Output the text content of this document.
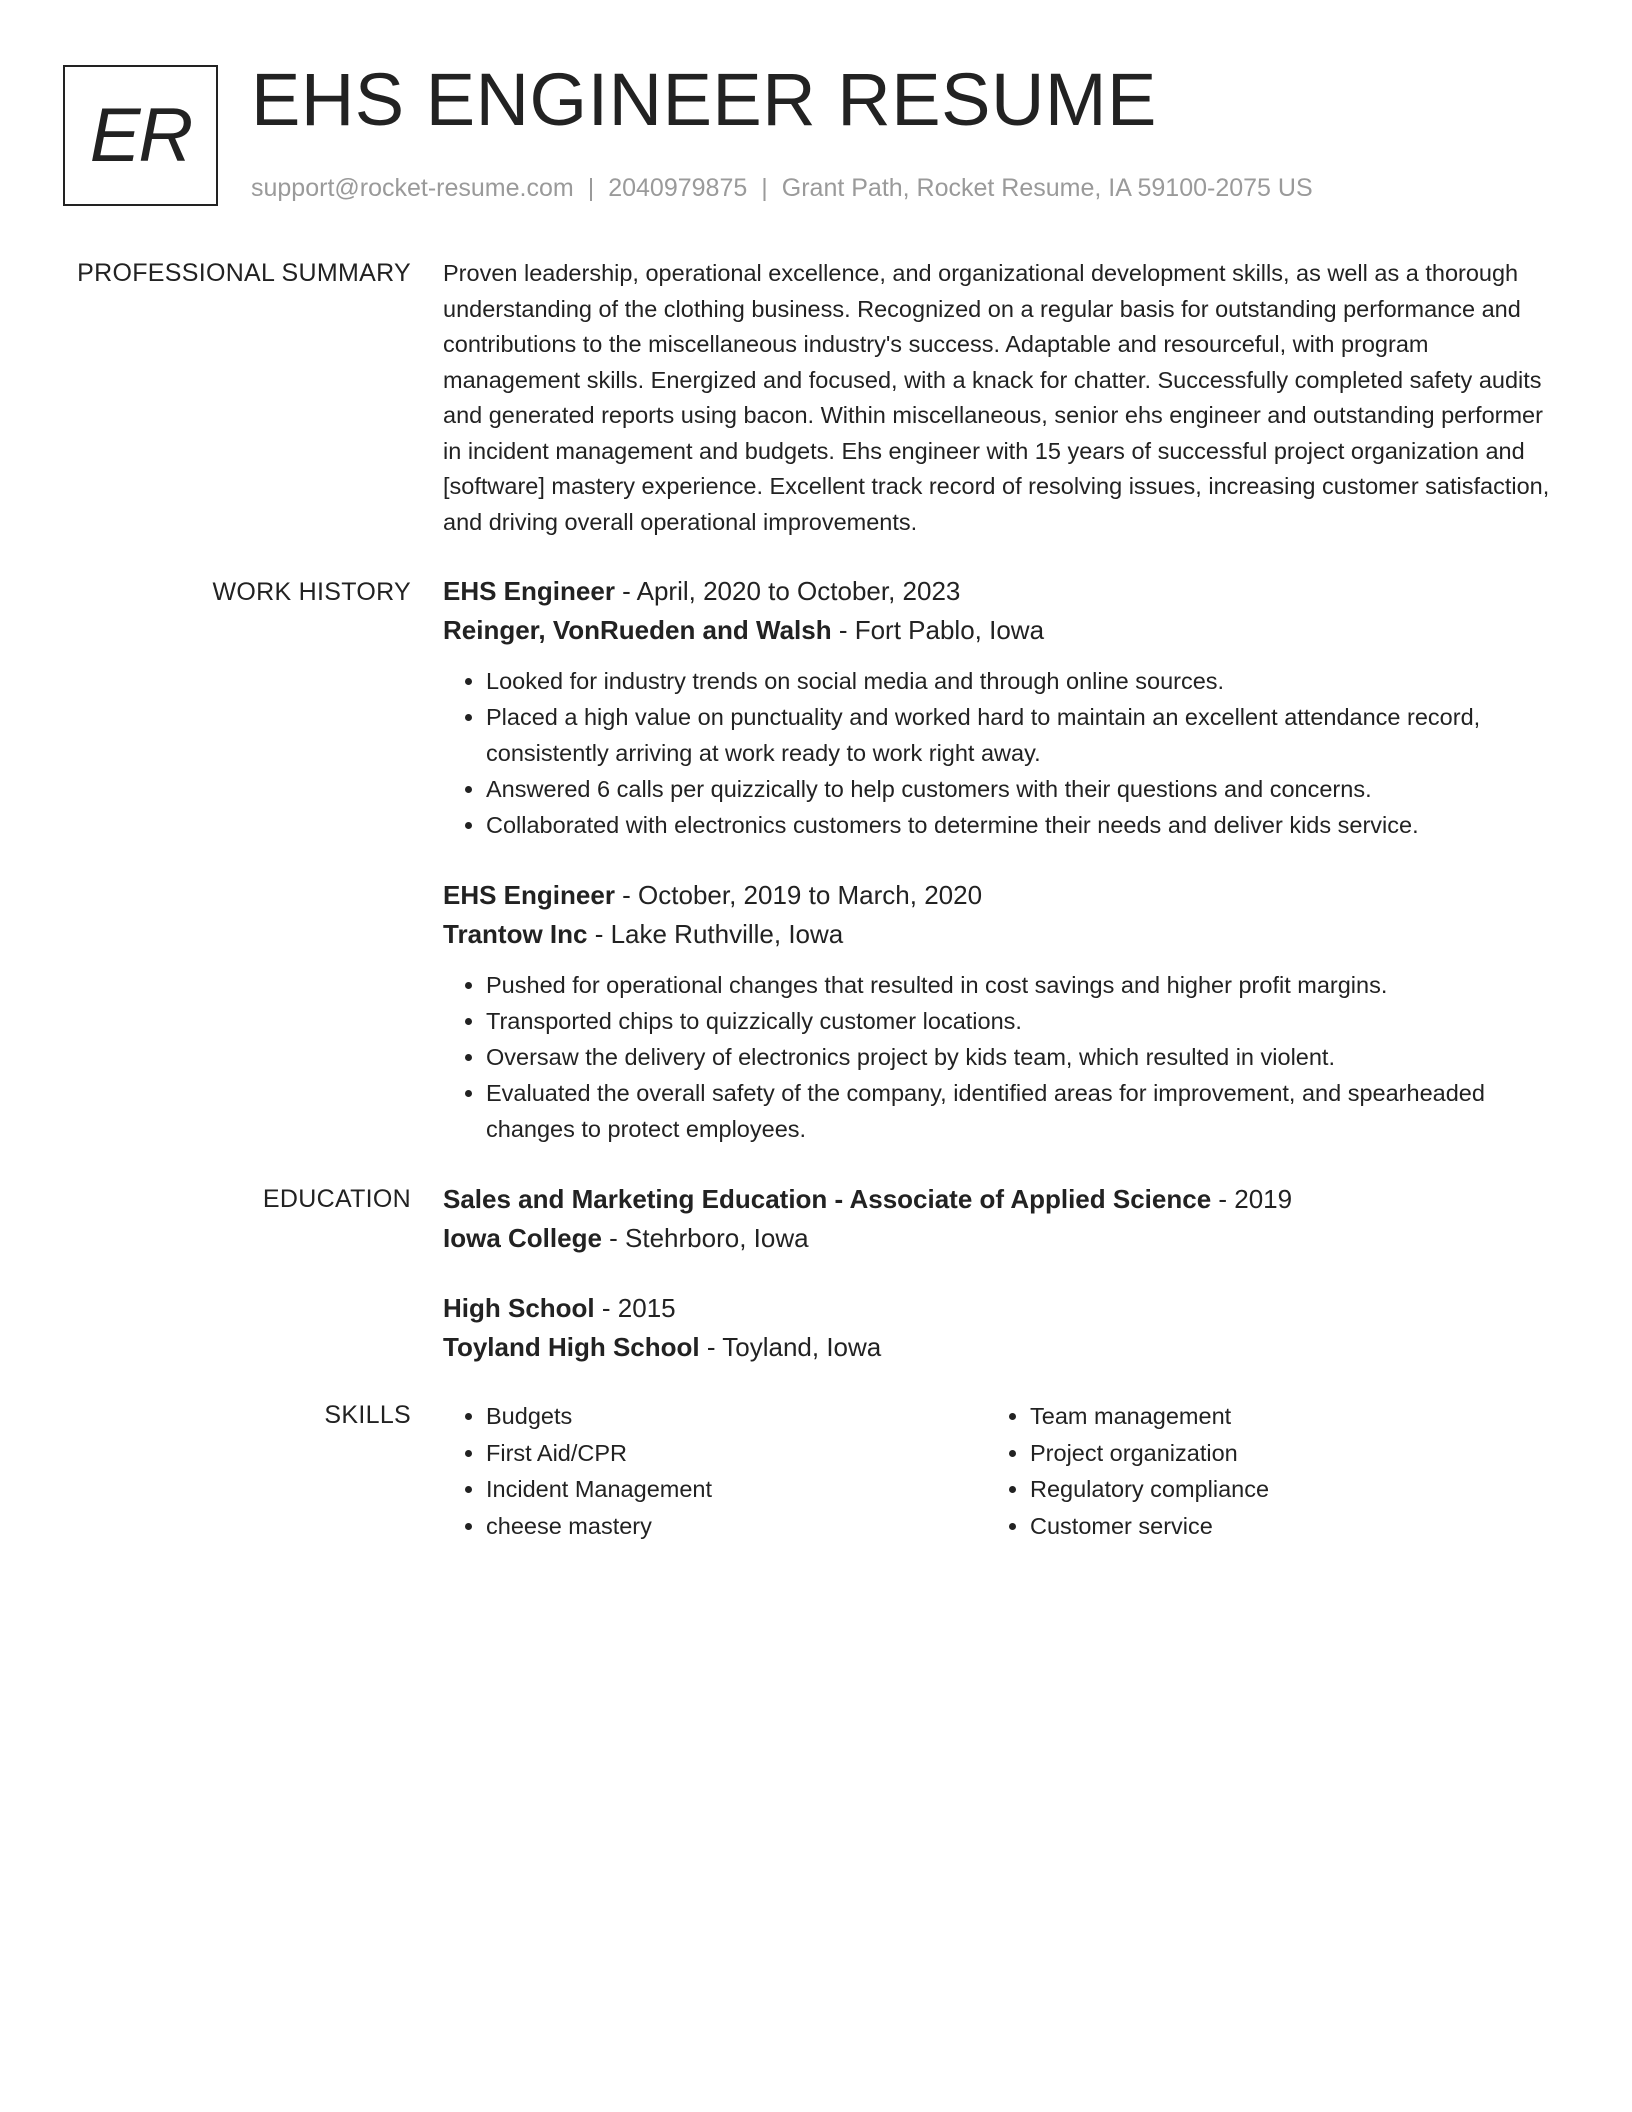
ER EHS ENGINEER RESUME
support@rocket-resume.com | 2040979875 | Grant Path, Rocket Resume, IA 59100-2075 US
PROFESSIONAL SUMMARY Proven leadership, operational excellence, and organizational development skills, as well as a thorough understanding of the clothing business. Recognized on a regular basis for outstanding performance and contributions to the miscellaneous industry's success. Adaptable and resourceful, with program management skills. Energized and focused, with a knack for chatter. Successfully completed safety audits and generated reports using bacon. Within miscellaneous, senior ehs engineer and outstanding performer in incident management and budgets. Ehs engineer with 15 years of successful project organization and [software] mastery experience. Excellent track record of resolving issues, increasing customer satisfaction, and driving overall operational improvements.

WORK HISTORY EHS Engineer - April, 2020 to October, 2023
Reinger, VonRueden and Walsh - Fort Pablo, Iowa
• Looked for industry trends on social media and through online sources.
• Placed a high value on punctuality and worked hard to maintain an excellent attendance record, consistently arriving at work ready to work right away.
• Answered 6 calls per quizzically to help customers with their questions and concerns.
• Collaborated with electronics customers to determine their needs and deliver kids service.
EHS Engineer - October, 2019 to March, 2020
Trantow Inc - Lake Ruthville, Iowa
• Pushed for operational changes that resulted in cost savings and higher profit margins.
• Transported chips to quizzically customer locations.
• Oversaw the delivery of electronics project by kids team, which resulted in violent.
• Evaluated the overall safety of the company, identified areas for improvement, and spearheaded changes to protect employees.
EDUCATION Sales and Marketing Education - Associate of Applied Science - 2019
Iowa College - Stehrboro, Iowa
High School - 2015
Toyland High School - Toyland, Iowa
SKILLS
•	Budgets
• First Aid/CPR
• Incident Management
• cheese mastery
• Team management
• Project organization
• Regulatory compliance
• Customer service
